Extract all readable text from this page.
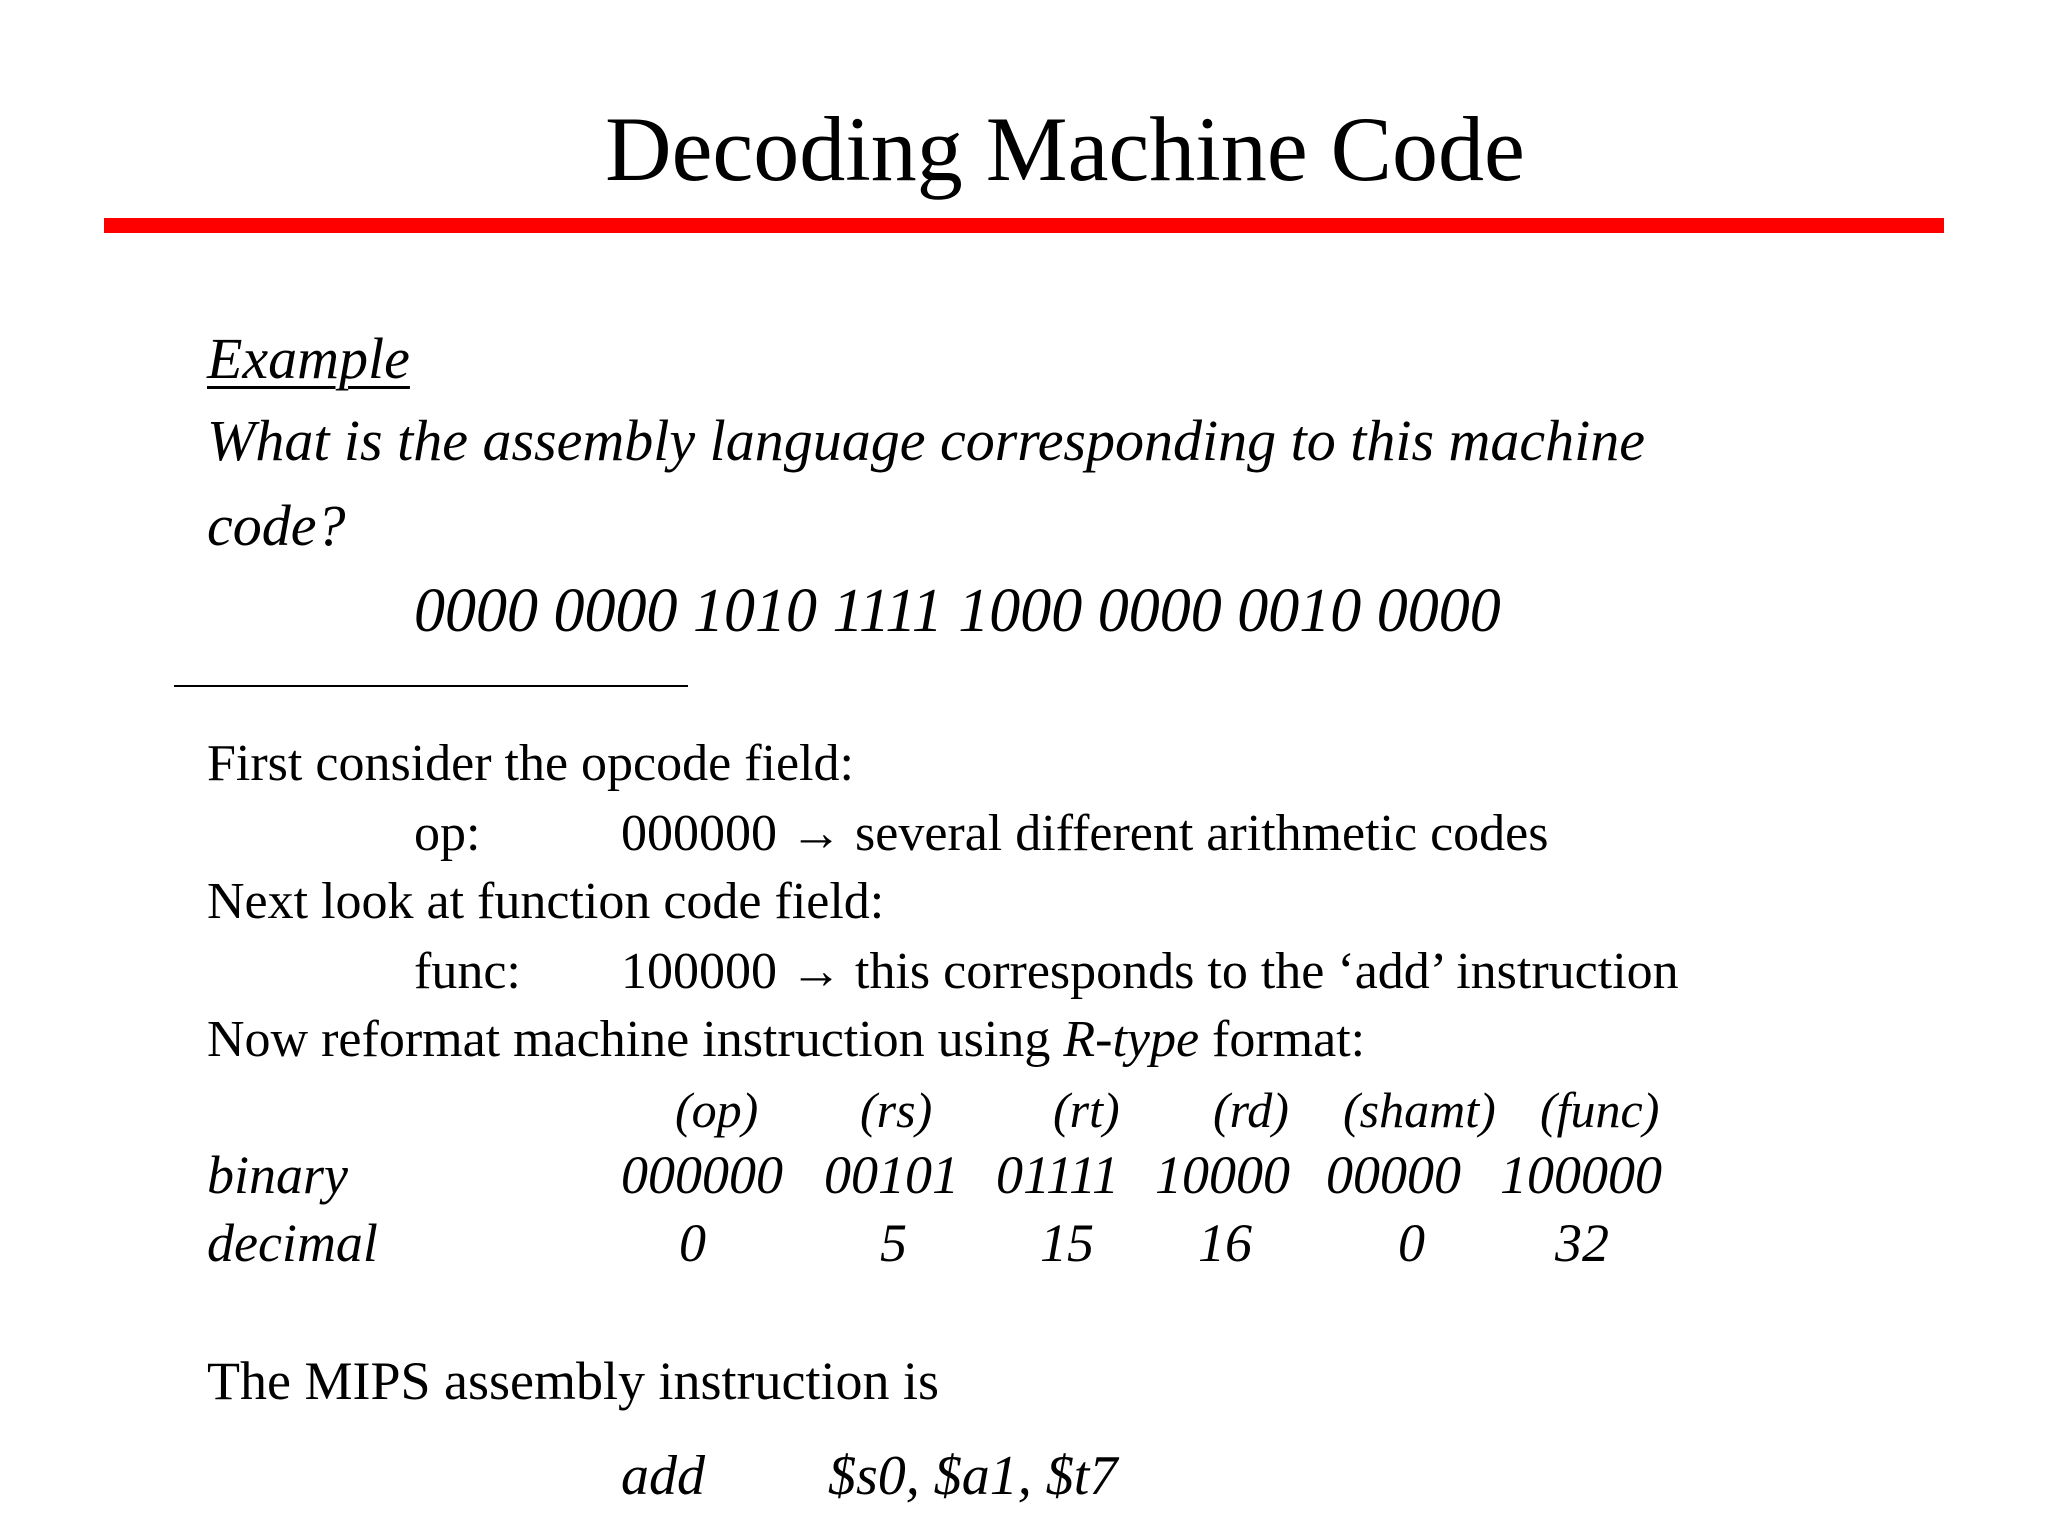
Decoding Machine Code
Example
What is the assembly language corresponding to this machine
code?
0000 0000 1010 1111 1000 0000 0010 0000
First consider the opcode field:
op:	000000 → several different arithmetic codes
Next look at function code field:
func: 100000 → this corresponds to the ‘add’ instruction
Now reformat machine instruction using R-type format:
(op) (rs) (rt) (rd) (shamt) (func)
binary	000000 00101 01111 10000 00000 100000
decimal	0	5 15 16	0 32
The MIPS assembly instruction is
add $s0, $a1, $t7
